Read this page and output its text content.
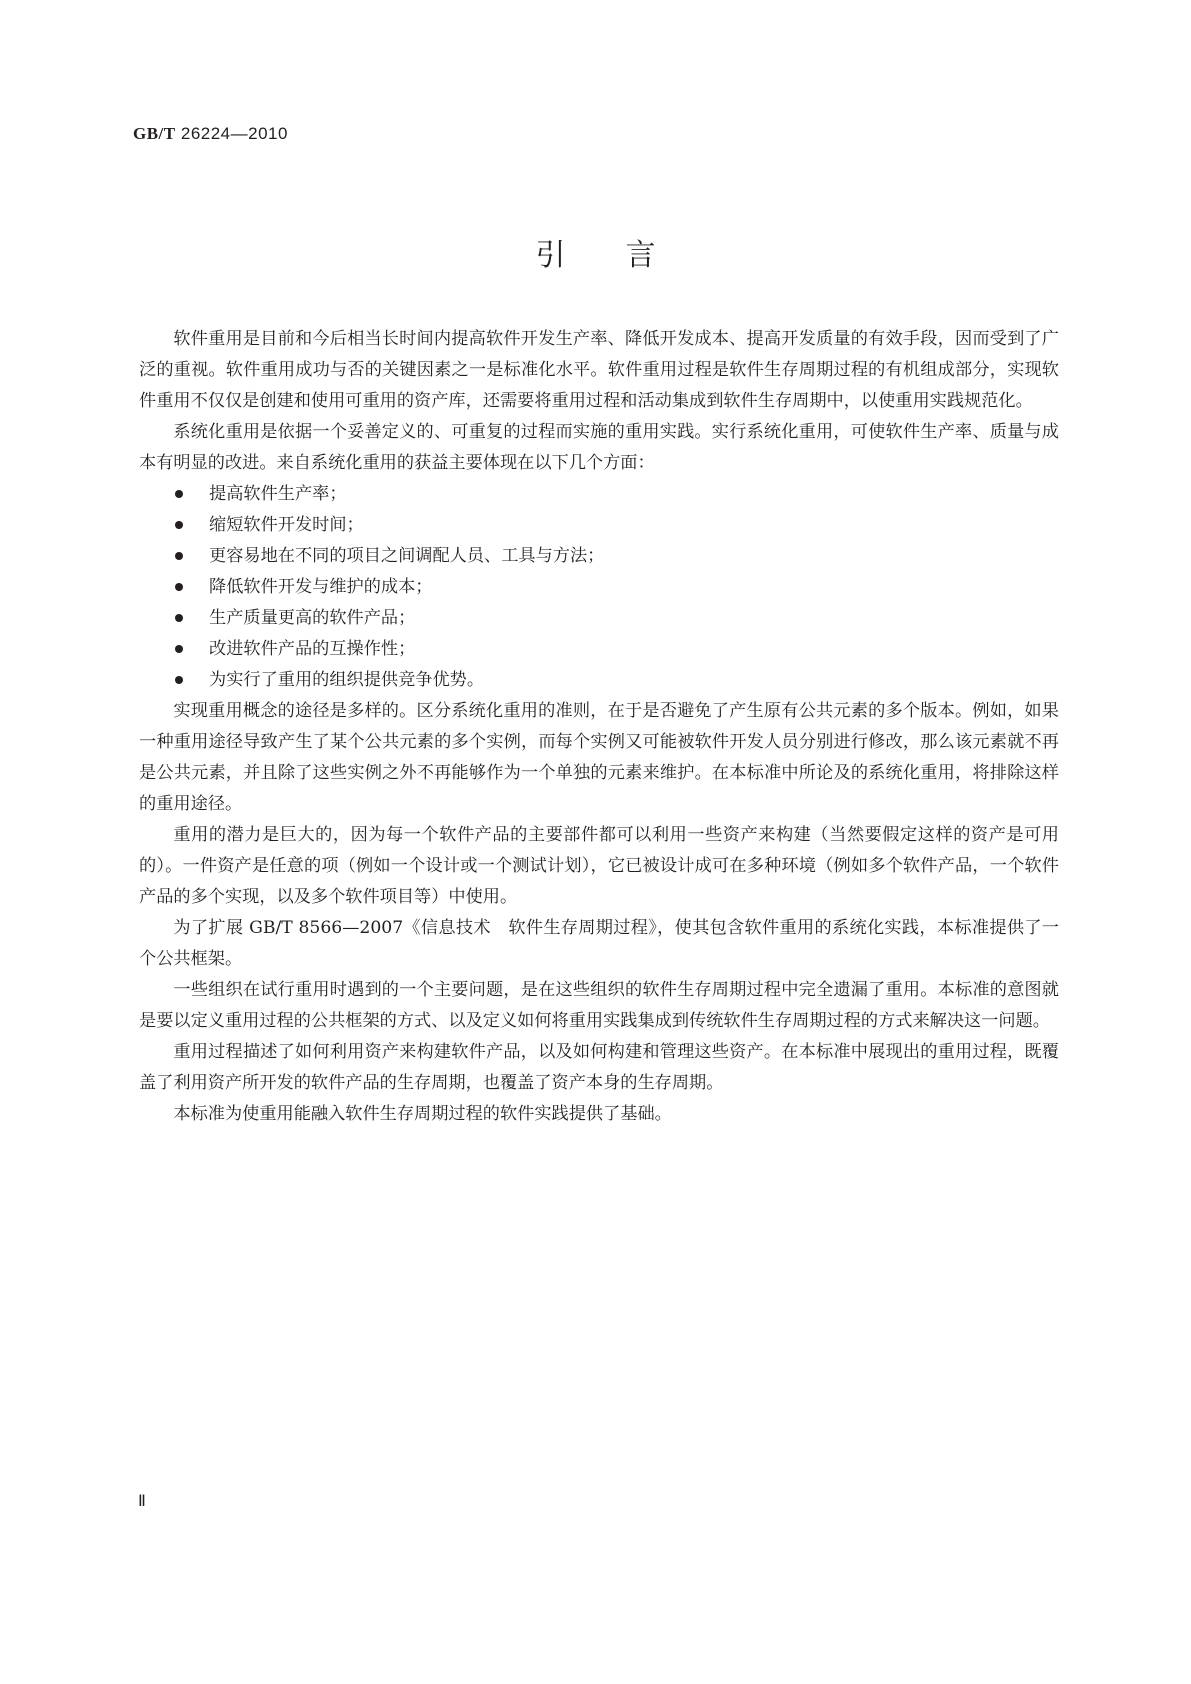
GB/T 26224—2010
引言

软件重用是目前和今后相当长时间内提高软件开发生产率、降低开发成本、提高开发质量的有效手段，因而受到了广泛的重视。软件重用成功与否的关键因素之一是标准化水平。软件重用过程是软件生存周期过程的有机组成部分，实现软件重用不仅仅是创建和使用可重用的资产库，还需要将重用过程和活动集成到软件生存周期中，以使重用实践规范化。

系统化重用是依据一个妥善定义的、可重复的过程而实施的重用实践。实行系统化重用，可使软件生产率、质量与成本有明显的改进。来自系统化重用的获益主要体现在以下几个方面：

提高软件生产率；
缩短软件开发时间；
更容易地在不同的项目之间调配人员、工具与方法；
降低软件开发与维护的成本；
生产质量更高的软件产品；
改进软件产品的互操作性；
为实行了重用的组织提供竞争优势。

实现重用概念的途径是多样的。区分系统化重用的准则，在于是否避免了产生原有公共元素的多个版本。例如，如果一种重用途径导致产生了某个公共元素的多个实例，而每个实例又可能被软件开发人员分别进行修改，那么该元素就不再是公共元素，并且除了这些实例之外不再能够作为一个单独的元素来维护。在本标准中所论及的系统化重用，将排除这样的重用途径。

重用的潜力是巨大的，因为每一个软件产品的主要部件都可以利用一些资产来构建（当然要假定这样的资产是可用的）。一件资产是任意的项（例如一个设计或一个测试计划），它已被设计成可在多种环境（例如多个软件产品，一个软件产品的多个实现，以及多个软件项目等）中使用。

为了扩展 GB/T 8566—2007《信息技术　软件生存周期过程》，使其包含软件重用的系统化实践，本标准提供了一个公共框架。

一些组织在试行重用时遇到的一个主要问题，是在这些组织的软件生存周期过程中完全遗漏了重用。本标准的意图就是要以定义重用过程的公共框架的方式、以及定义如何将重用实践集成到传统软件生存周期过程的方式来解决这一问题。

重用过程描述了如何利用资产来构建软件产品，以及如何构建和管理这些资产。在本标准中展现出的重用过程，既覆盖了利用资产所开发的软件产品的生存周期，也覆盖了资产本身的生存周期。

本标准为使重用能融入软件生存周期过程的软件实践提供了基础。

Ⅱ
